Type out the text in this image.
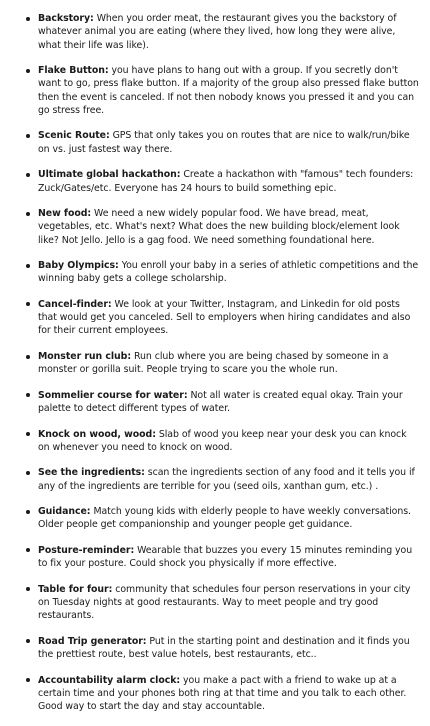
Backstory: When you order meat, the restaurant gives you the backstory of whatever animal you are eating (where they lived, how long they were alive, what their life was like).
Flake Button: you have plans to hang out with a group. If you secretly don't want to go, press flake button. If a majority of the group also pressed flake button then the event is canceled. If not then nobody knows you pressed it and you can go stress free.
Scenic Route: GPS that only takes you on routes that are nice to walk/run/bike on vs. just fastest way there.
Ultimate global hackathon: Create a hackathon with "famous" tech founders: Zuck/Gates/etc. Everyone has 24 hours to build something epic.
New food: We need a new widely popular food. We have bread, meat, vegetables, etc. What's next? What does the new building block/element look like? Not Jello. Jello is a gag food. We need something foundational here.
Baby Olympics: You enroll your baby in a series of athletic competitions and the winning baby gets a college scholarship.
Cancel-finder: We look at your Twitter, Instagram, and Linkedin for old posts that would get you canceled. Sell to employers when hiring candidates and also for their current employees.
Monster run club: Run club where you are being chased by someone in a monster or gorilla suit. People trying to scare you the whole run.
Sommelier course for water: Not all water is created equal okay. Train your palette to detect different types of water.
Knock on wood, wood: Slab of wood you keep near your desk you can knock on whenever you need to knock on wood.
See the ingredients: scan the ingredients section of any food and it tells you if any of the ingredients are terrible for you (seed oils, xanthan gum, etc.) .
Guidance: Match young kids with elderly people to have weekly conversations. Older people get companionship and younger people get guidance.
Posture-reminder: Wearable that buzzes you every 15 minutes reminding you to fix your posture. Could shock you physically if more effective.
Table for four: community that schedules four person reservations in your city on Tuesday nights at good restaurants. Way to meet people and try good restaurants.
Road Trip generator: Put in the starting point and destination and it finds you the prettiest route, best value hotels, best restaurants, etc..
Accountability alarm clock: you make a pact with a friend to wake up at a certain time and your phones both ring at that time and you talk to each other. Good way to start the day and stay accountable.
